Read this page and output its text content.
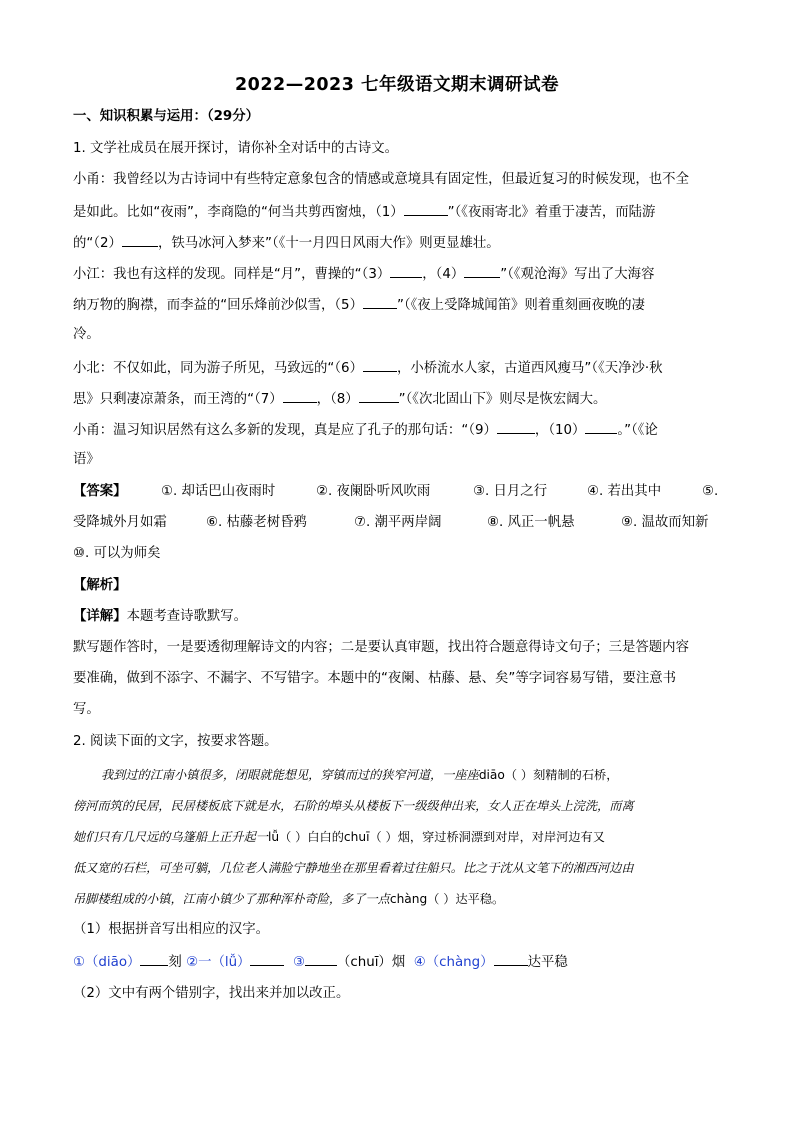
2022—2023 七年级语文期末调研试卷
一、知识积累与运用：（29分）
1. 文学社成员在展开探讨，请你补全对话中的古诗文。
小甬：我曾经以为古诗词中有些特定意象包含的情感或意境具有固定性，但最近复习的时候发现，也不全
是如此。比如“夜雨”，李商隐的“何当共剪西窗烛，（1）	”（《夜雨寄北》着重于凄苦，而陆游
的“（2）	，铁马冰河入梦来”（《十一月四日风雨大作》则更显雄壮。
小江：我也有这样的发现。同样是“月”，曹操的“（3） ，（4）	”（《观沧海》写出了大海容
纳万物的胸襟，而李益的“回乐烽前沙似雪，（5）	”（《夜上受降城闻笛》则着重刻画夜晚的凄
冷。
小北：不仅如此，同为游子所见，马致远的“（6）	，小桥流水人家，古道西风瘦马”（《天净沙·秋
思》只剩凄凉萧条，而王湾的“（7）	，（8）	”（《次北固山下》则尽是恢宏阔大。
小甬：温习知识居然有这么多新的发现，真是应了孔子的那句话：“（9）	，（10） 。”（《论
语》
【答案】	①. 却话巴山夜雨时	②. 夜阑卧听风吹雨	③. 日月之行	④. 若出其中	⑤.
受降城外月如霜	⑥. 枯藤老树昏鸦	⑦. 潮平两岸阔	⑧. 风正一帆悬	⑨. 温故而知新
⑩. 可以为师矣
【解析】
【详解】本题考查诗歌默写。
默写题作答时，一是要透彻理解诗文的内容；二是要认真审题，找出符合题意得诗文句子；三是答题内容
要准确，做到不添字、不漏字、不写错字。本题中的“夜阑、枯藤、悬、矣”等字词容易写错，要注意书
写。
2. 阅读下面的文字，按要求答题。
我到过的江南小镇很多，闭眼就能想见，穿镇而过的狭窄河道，一座座diāo（ ）刻精制的石桥，
傍河而筑的民居，民居楼板底下就是水，石阶的埠头从楼板下一级级伸出来，女人正在埠头上浣洗，而离
她们只有几尺远的乌篷船上正升起一lǚ（ ）白白的chuī（ ）烟，穿过桥洞漂到对岸，对岸河边有又
低又宽的石栏，可坐可躺，几位老人满脸宁静地坐在那里看着过往船只。比之于沈从文笔下的湘西河边由
吊脚楼组成的小镇，江南小镇少了那种浑朴奇险，多了一点chàng（ ）达平稳。
（1）根据拼音写出相应的汉字。
①（diāo） 刻 ②一（lǚ）	③ （chuī）烟 ④（chàng）	达平稳
（2）文中有两个错别字，找出来并加以改正。
